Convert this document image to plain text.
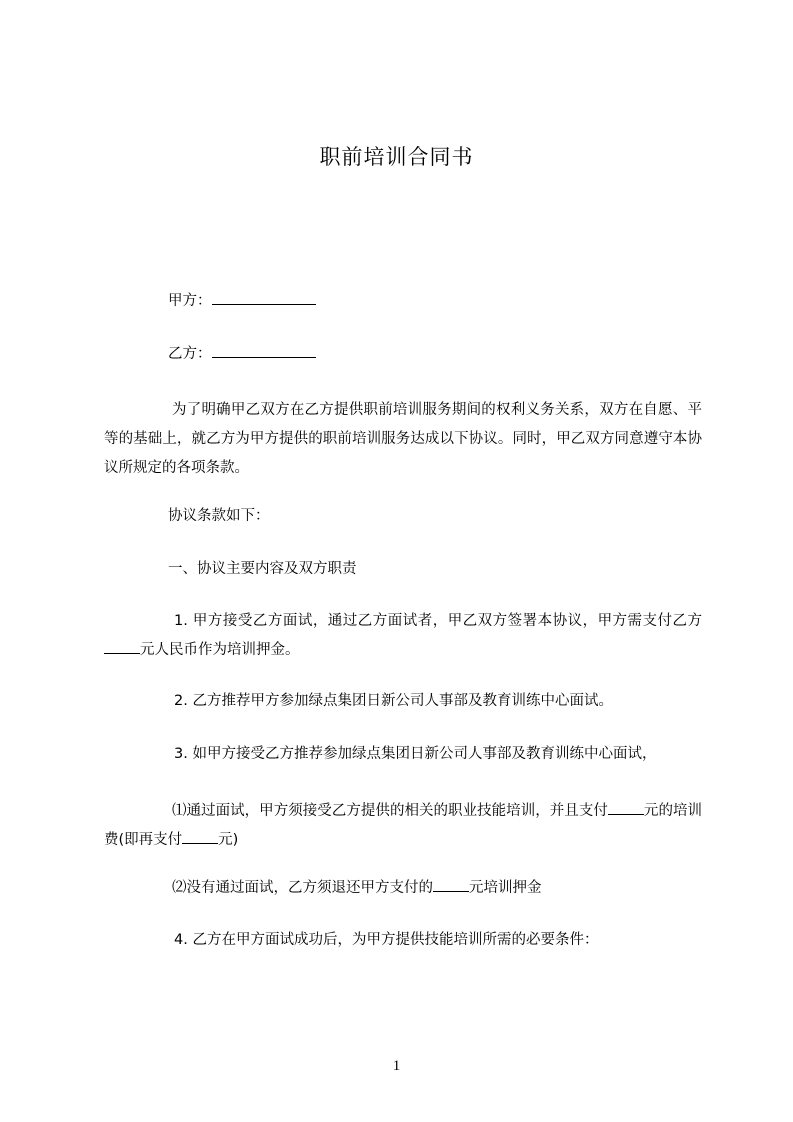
职前培训合同书
甲方：
乙方：
为了明确甲乙双方在乙方提供职前培训服务期间的权利义务关系，双方在自愿、平等的基础上，就乙方为甲方提供的职前培训服务达成以下协议。同时，甲乙双方同意遵守本协议所规定的各项条款。
协议条款如下：
一、协议主要内容及双方职责
1. 甲方接受乙方面试，通过乙方面试者，甲乙双方签署本协议，甲方需支付乙方元人民币作为培训押金。
2. 乙方推荐甲方参加绿点集团日新公司人事部及教育训练中心面试。
3. 如甲方接受乙方推荐参加绿点集团日新公司人事部及教育训练中心面试，
⑴通过面试，甲方须接受乙方提供的相关的职业技能培训，并且支付 元的培训费(即再支付 元)
⑵没有通过面试，乙方须退还甲方支付的 元培训押金
4. 乙方在甲方面试成功后，为甲方提供技能培训所需的必要条件：
1
